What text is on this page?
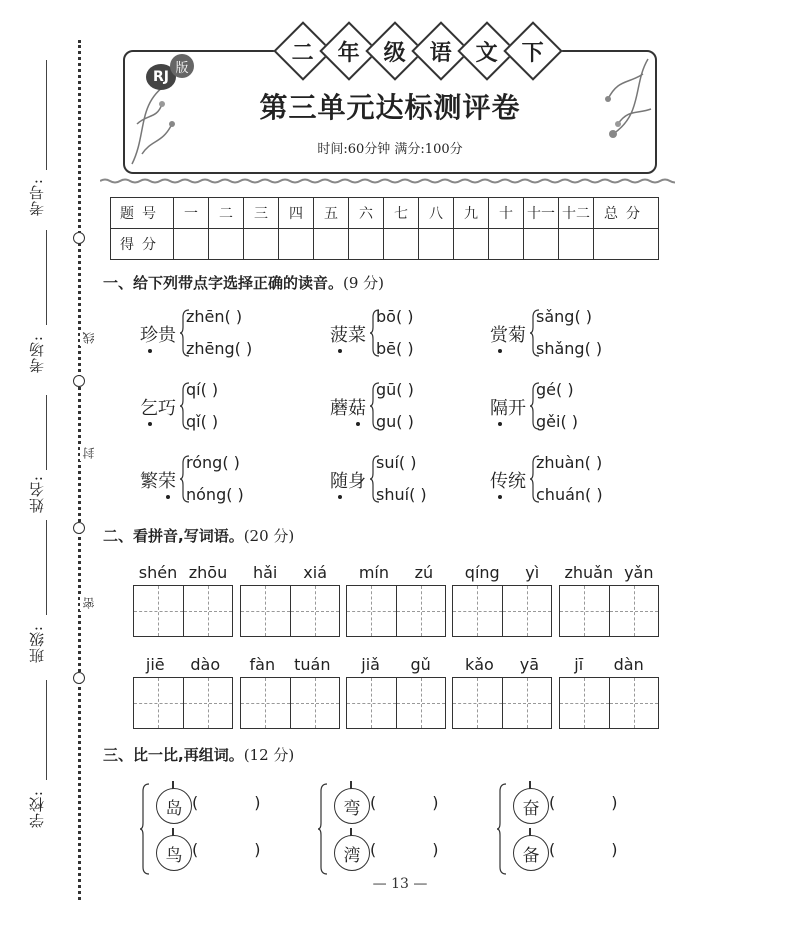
考号:
考场:
姓名:
班级:
学校:
线
封
密
二 年 级 语 文 下
RJ
版
第三单元达标测评卷
时间:60分钟 满分:100分
题号	一	二	三	四	五	六	七	八	九	十	十一	十二	总分
得分													
一、给下列带点字选择正确的读音。(9 分)
珍贵
zhēn( )
zhēng( )
菠菜
bō( )
bē( )
赏菊
sǎng( )
shǎng( )
乞巧
qí( )
qǐ( )
蘑菇
gū( )
gu( )
隔开
gé( )
gěi( )
繁荣
róng( )
nóng( )
随身
suí( )
shuí( )
传统
zhuàn( )
chuán( )
二、看拼音,写词语。(20 分)
shén zhōu hǎi xiá mín zú qíng yì zhuǎn yǎn
jiē dào fàn tuán jiǎ gǔ kǎo yā jī dàn
三、比一比,再组词。(12 分)
岛 (           )
鸟 (           )
弯 (           )
湾 (           )
奋 (           )
备 (           )
— 13 —
